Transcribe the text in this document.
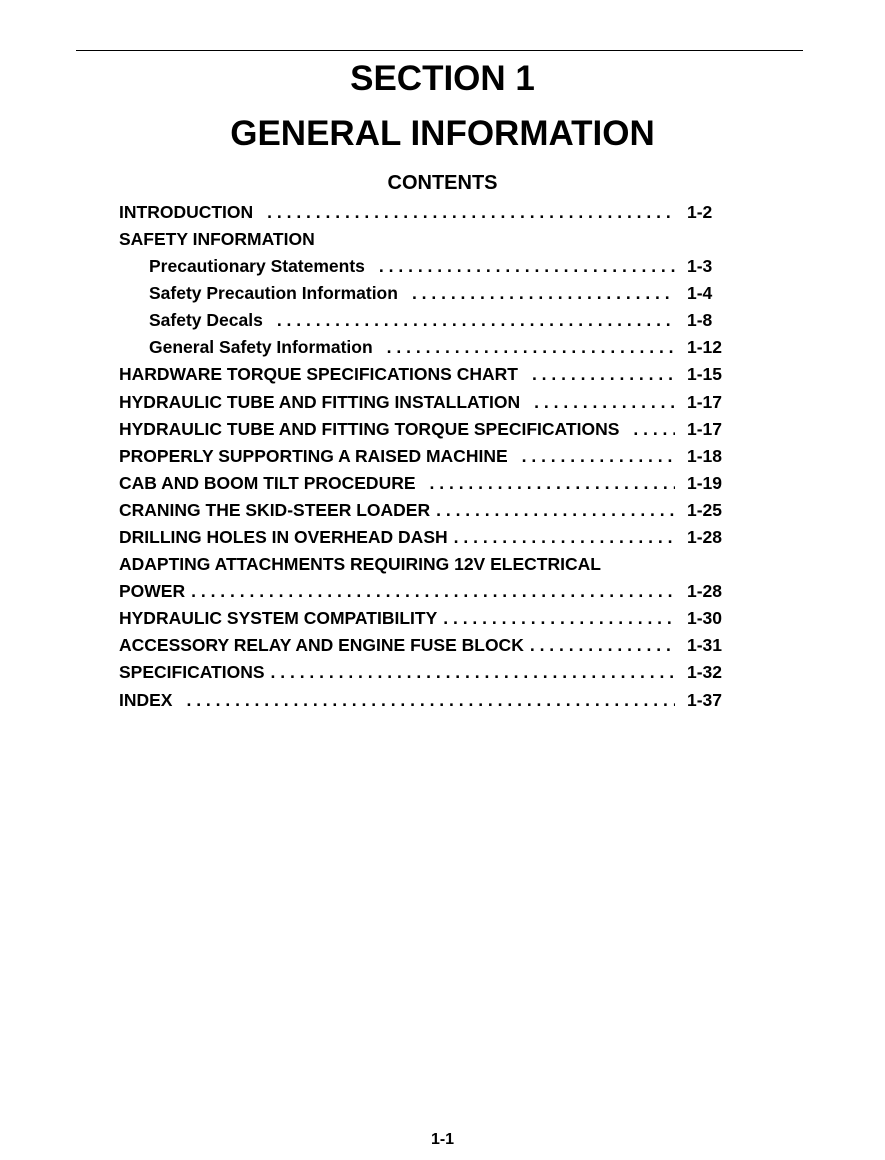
SECTION 1
GENERAL INFORMATION
CONTENTS
INTRODUCTION . . .	1-2
SAFETY INFORMATION
Precautionary Statements . . .	1-3
Safety Precaution Information . . .	1-4
Safety Decals . . .	1-8
General Safety Information . . .	1-12
HARDWARE TORQUE SPECIFICATIONS CHART . . .	1-15
HYDRAULIC TUBE AND FITTING INSTALLATION . . .	1-17
HYDRAULIC TUBE AND FITTING TORQUE SPECIFICATIONS . . .	1-17
PROPERLY SUPPORTING A RAISED MACHINE . . .	1-18
CAB AND BOOM TILT PROCEDURE . . .	1-19
CRANING THE SKID-STEER LOADER . . .	1-25
DRILLING HOLES IN OVERHEAD DASH . . .	1-28
ADAPTING ATTACHMENTS REQUIRING 12V ELECTRICAL
POWER . . .	1-28
HYDRAULIC SYSTEM COMPATIBILITY . . .	1-30
ACCESSORY RELAY AND ENGINE FUSE BLOCK . . .	1-31
SPECIFICATIONS . . .	1-32
INDEX . . .	1-37
1-1
